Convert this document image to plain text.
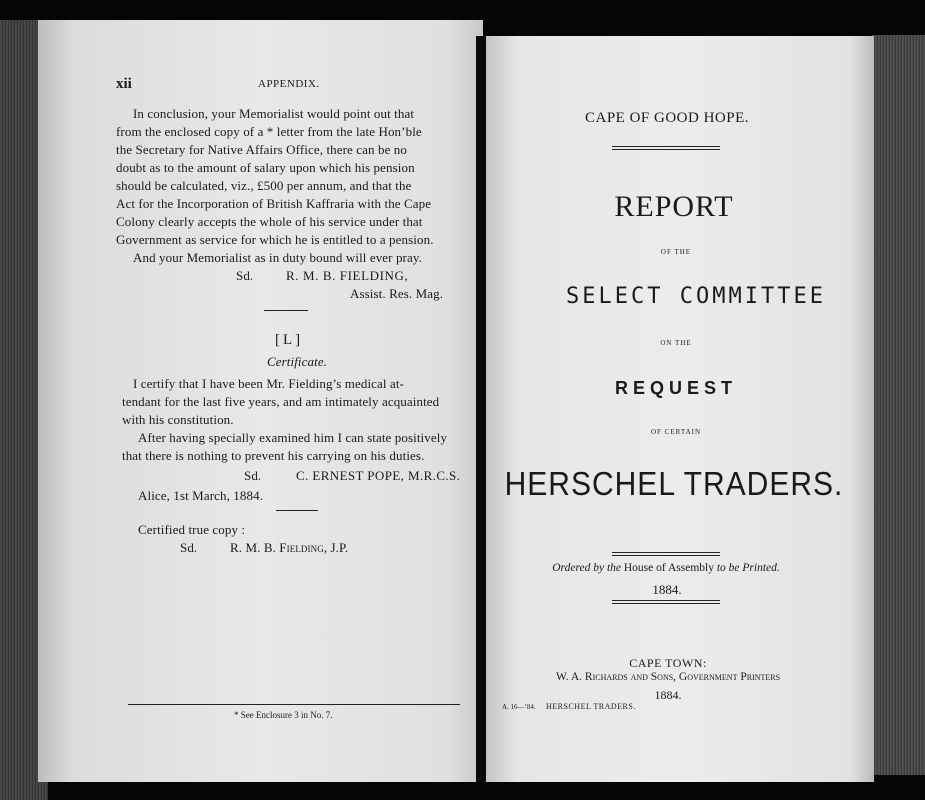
xii	APPENDIX.
In conclusion, your Memorialist would point out that
from the enclosed copy of a * letter from the late Hon’ble
the Secretary for Native Affairs Office, there can be no
doubt as to the amount of salary upon which his pension
should be calculated, viz., £500 per annum, and that the
Act for the Incorporation of British Kaffraria with the Cape
Colony clearly accepts the whole of his service under that
Government as service for which he is entitled to a pension.
And your Memorialist as in duty bound will ever pray.
Sd.	R. M. B. FIELDING,
Assist. Res. Mag.
[L]
Certificate.
I certify that I have been Mr. Fielding’s medical at-
tendant for the last five years, and am intimately acquainted
with his constitution.
After having specially examined him I can state positively
that there is nothing to prevent his carrying on his duties.
Sd.	C. ERNEST POPE, M.R.C.S.
Alice, 1st March, 1884.
Certified true copy :
Sd.	R. M. B. Fielding, J.P.
* See Enclosure 3 in No. 7.
CAPE OF GOOD HOPE.
REPORT
OF THE
SELECT COMMITTEE
ON THE
REQUEST
OF CERTAIN
HERSCHEL TRADERS.
Ordered by the House of Assembly to be Printed.
1884.
CAPE TOWN:
W. A. Richards and Sons, Government Printers
1884.
A. 16—’84. HERSCHEL TRADERS.
